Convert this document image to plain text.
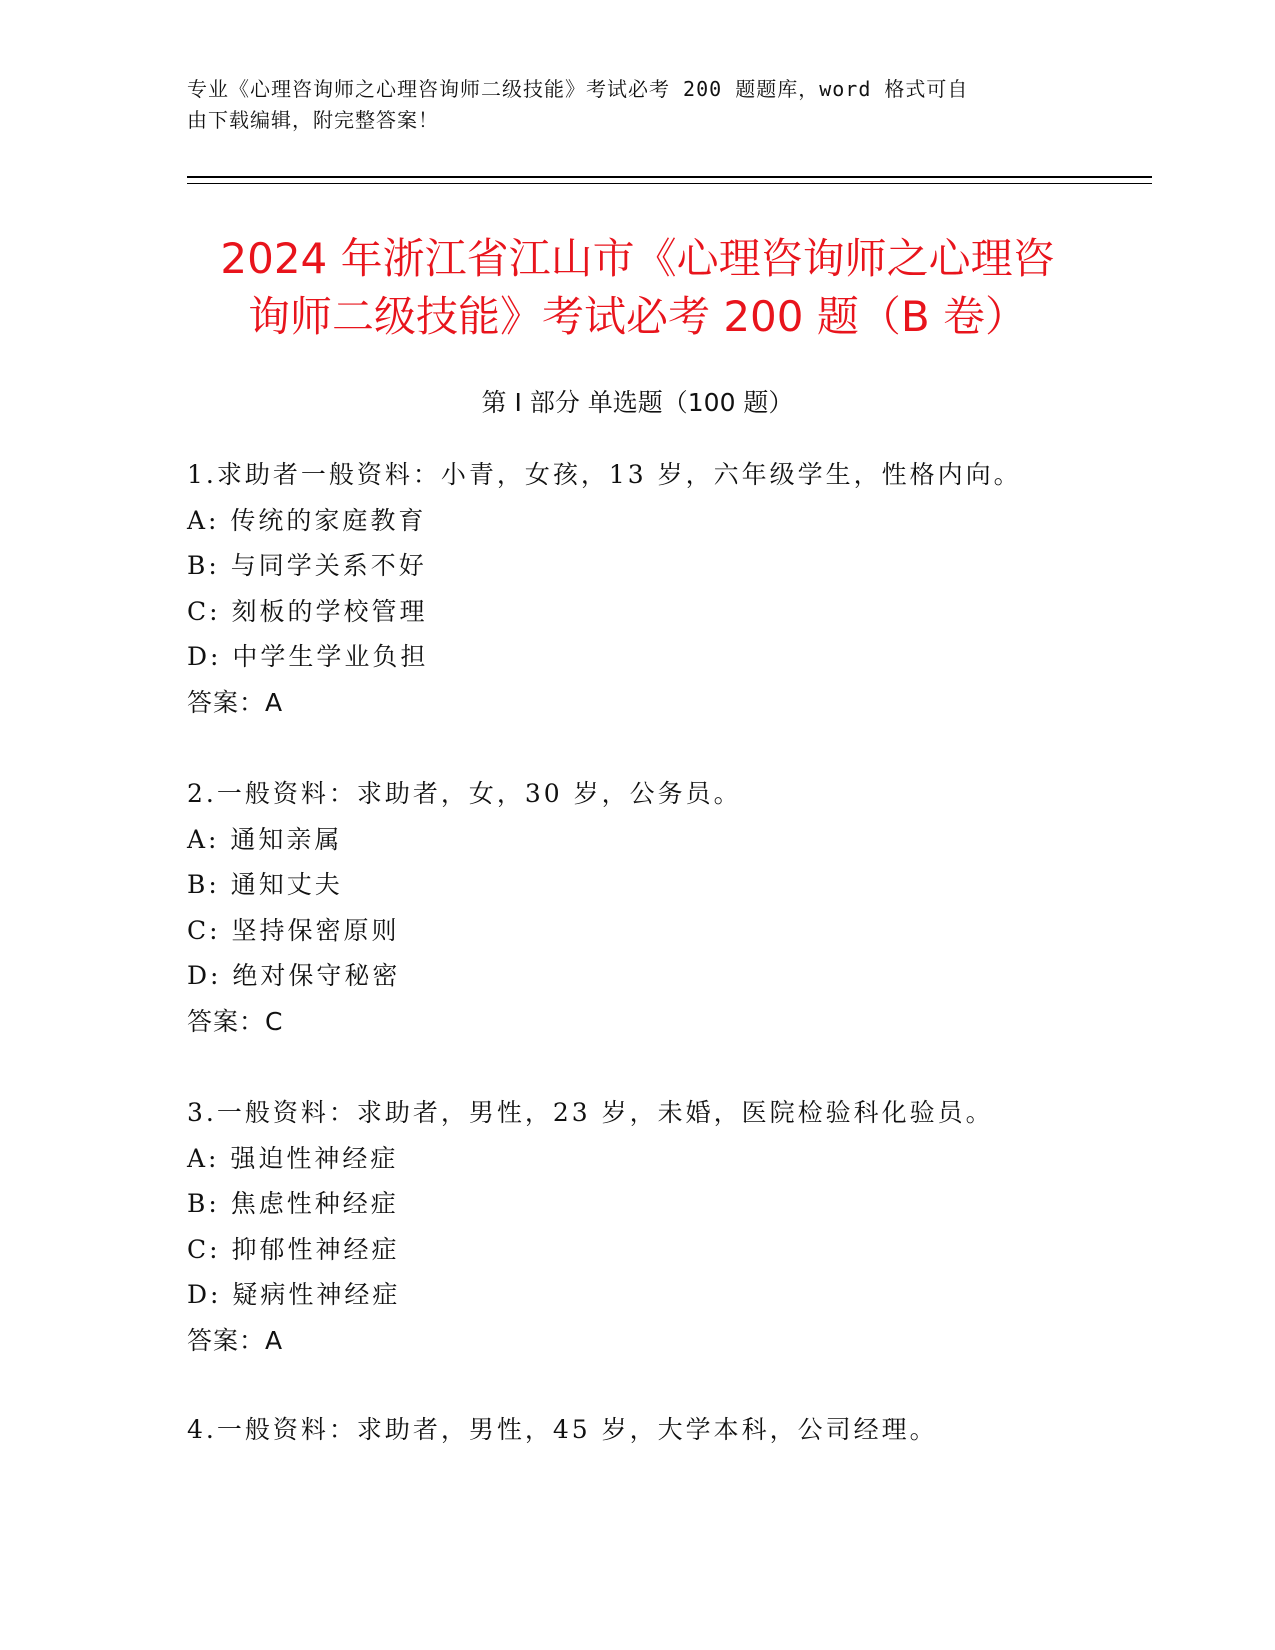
专业《心理咨询师之心理咨询师二级技能》考试必考 200 题题库，word 格式可自
由下载编辑，附完整答案！
2024 年浙江省江山市《心理咨询师之心理咨
询师二级技能》考试必考 200 题（B 卷）
第 I 部分 单选题（100 题）
1.求助者一般资料：小青，女孩，13 岁，六年级学生，性格内向。
A: 传统的家庭教育
B: 与同学关系不好
C: 刻板的学校管理
D: 中学生学业负担
答案：A
2.一般资料：求助者，女，30 岁，公务员。
A: 通知亲属
B: 通知丈夫
C: 坚持保密原则
D: 绝对保守秘密
答案：C
3.一般资料：求助者，男性，23 岁，未婚，医院检验科化验员。
A: 强迫性神经症
B: 焦虑性种经症
C: 抑郁性神经症
D: 疑病性神经症
答案：A
4.一般资料：求助者，男性，45 岁，大学本科，公司经理。
